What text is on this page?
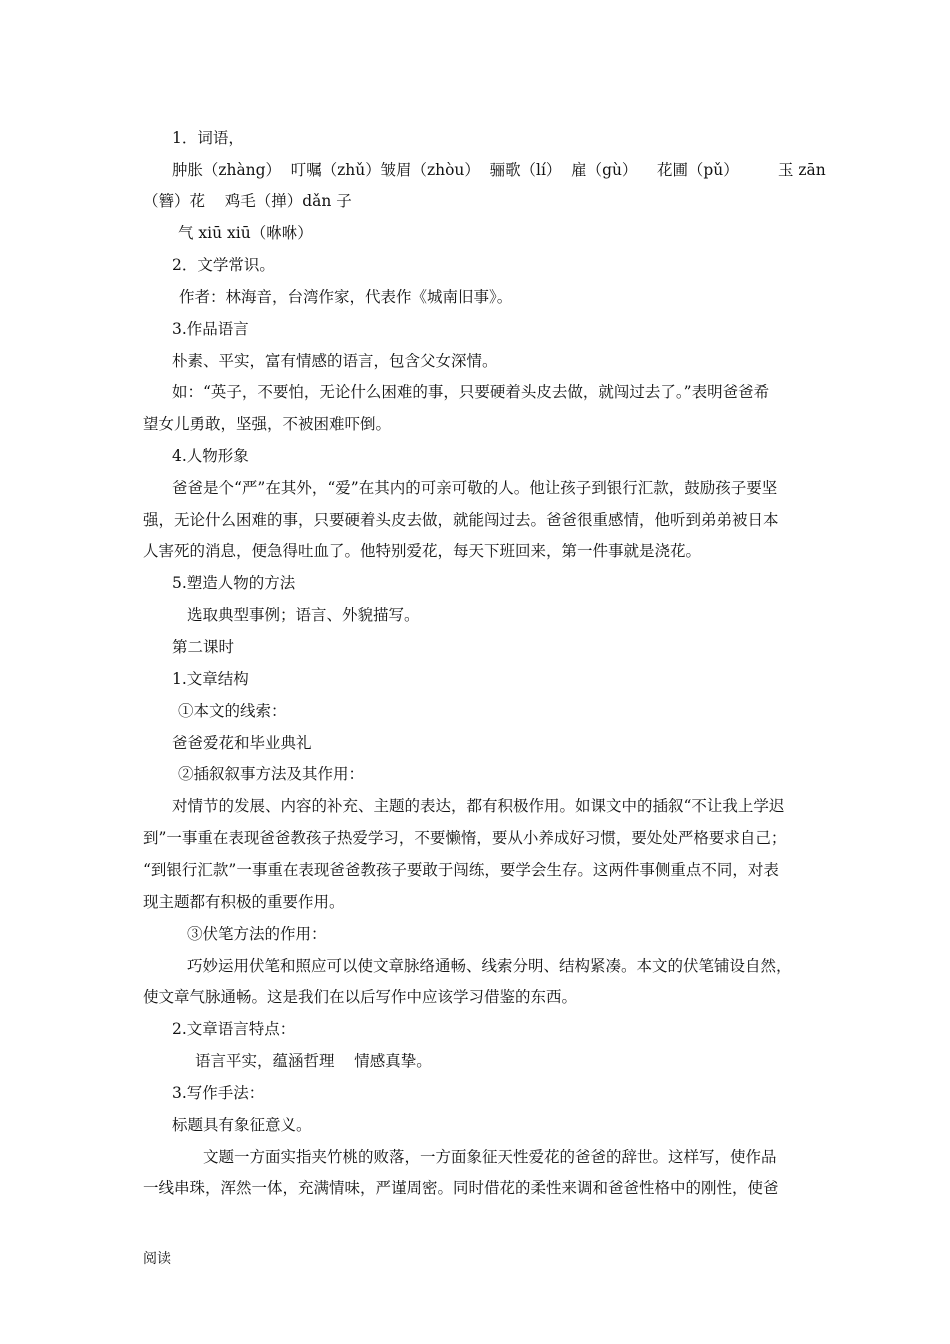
1．词语，

肿胀（zhàng）  叮嘱（zhǔ）皱眉（zhòu）  骊歌（lí）  雇（gù）    花圃（pǔ）        玉 zān

（簪）花    鸡毛（掸）dǎn 子

气 xiū xiū（咻咻）

2．文学常识。

作者：林海音，台湾作家，代表作《城南旧事》。

3.作品语言

朴素、平实，富有情感的语言，包含父女深情。

如：“英子，不要怕，无论什么困难的事，只要硬着头皮去做，就闯过去了。”表明爸爸希

望女儿勇敢，坚强，不被困难吓倒。

4.人物形象

爸爸是个“严”在其外，“爱”在其内的可亲可敬的人。他让孩子到银行汇款，鼓励孩子要坚

强，无论什么困难的事，只要硬着头皮去做，就能闯过去。爸爸很重感情，他听到弟弟被日本

人害死的消息，便急得吐血了。他特别爱花，每天下班回来，第一件事就是浇花。

5.塑造人物的方法

选取典型事例；语言、外貌描写。

第二课时

1.文章结构

①本文的线索：

爸爸爱花和毕业典礼

②插叙叙事方法及其作用：

对情节的发展、内容的补充、主题的表达，都有积极作用。如课文中的插叙“不让我上学迟

到”一事重在表现爸爸教孩子热爱学习，不要懒惰，要从小养成好习惯，要处处严格要求自己；

“到银行汇款”一事重在表现爸爸教孩子要敢于闯练，要学会生存。这两件事侧重点不同，对表

现主题都有积极的重要作用。

③伏笔方法的作用：

巧妙运用伏笔和照应可以使文章脉络通畅、线索分明、结构紧凑。本文的伏笔铺设自然，

使文章气脉通畅。这是我们在以后写作中应该学习借鉴的东西。

2.文章语言特点：

语言平实，蕴涵哲理    情感真挚。

3.写作手法：

标题具有象征意义。

文题一方面实指夹竹桃的败落，一方面象征天性爱花的爸爸的辞世。这样写，使作品

一线串珠，浑然一体，充满情味，严谨周密。同时借花的柔性来调和爸爸性格中的刚性，使爸

阅读
